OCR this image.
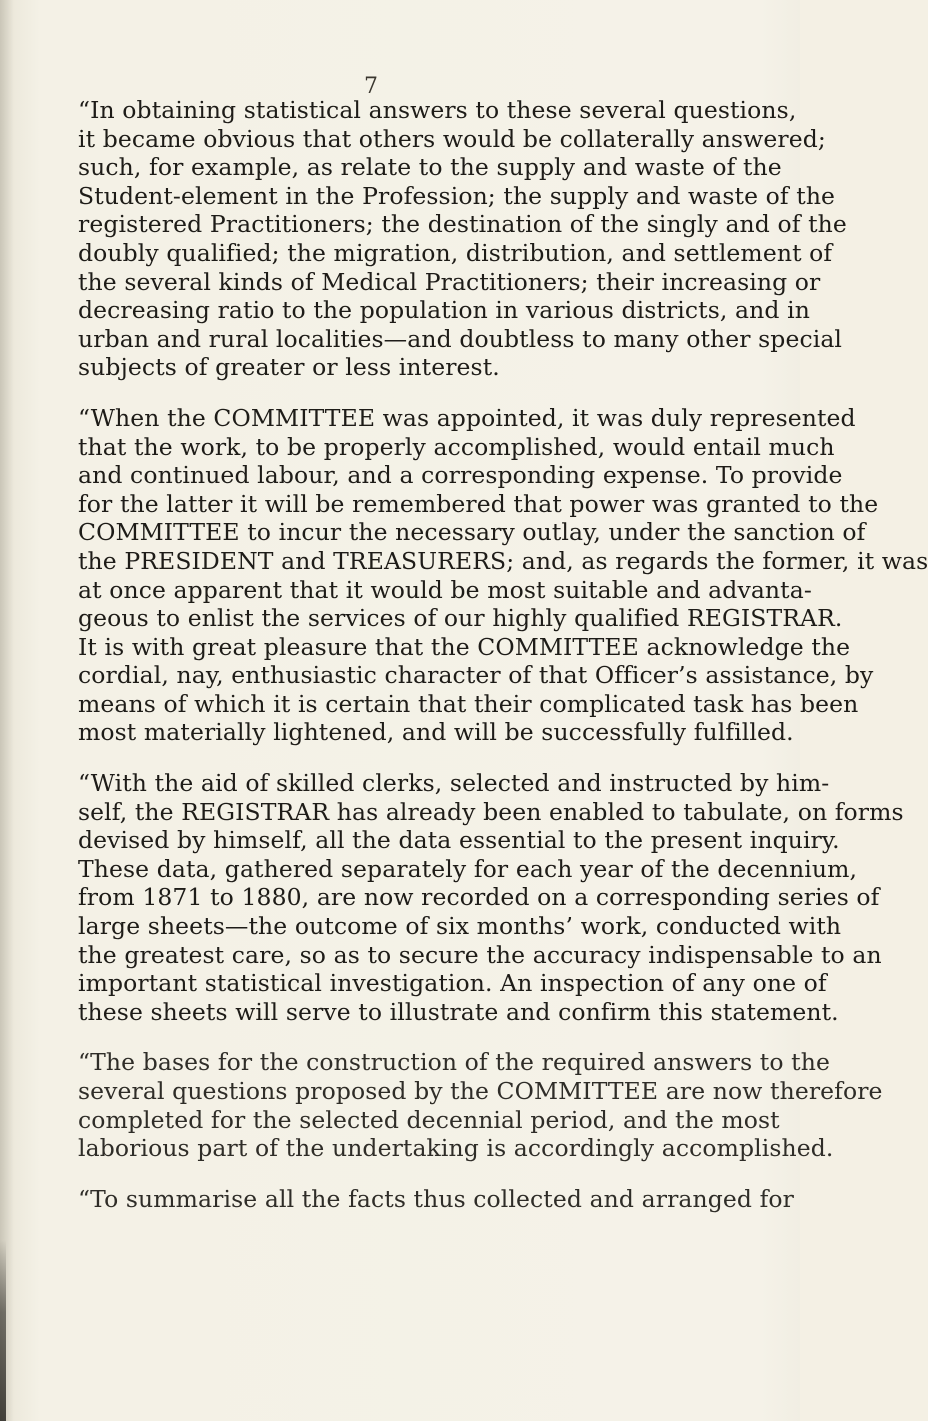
7

“In obtaining statistical answers to these several questions,
it became obvious that others would be collaterally answered;
such, for example, as relate to the supply and waste of the
Student-element in the Profession; the supply and waste of the
registered Practitioners; the destination of the singly and of the
doubly qualified; the migration, distribution, and settlement of
the several kinds of Medical Practitioners; their increasing or
decreasing ratio to the population in various districts, and in
urban and rural localities—and doubtless to many other special
subjects of greater or less interest.

“When the COMMITTEE was appointed, it was duly represented
that the work, to be properly accomplished, would entail much
and continued labour, and a corresponding expense. To provide
for the latter it will be remembered that power was granted to the
COMMITTEE to incur the necessary outlay, under the sanction of
the PRESIDENT and TREASURERS; and, as regards the former, it was
at once apparent that it would be most suitable and advanta-
geous to enlist the services of our highly qualified REGISTRAR.
It is with great pleasure that the COMMITTEE acknowledge the
cordial, nay, enthusiastic character of that Officer’s assistance, by
means of which it is certain that their complicated task has been
most materially lightened, and will be successfully fulfilled.

“With the aid of skilled clerks, selected and instructed by him-
self, the REGISTRAR has already been enabled to tabulate, on forms
devised by himself, all the data essential to the present inquiry.
These data, gathered separately for each year of the decennium,
from 1871 to 1880, are now recorded on a corresponding series of
large sheets—the outcome of six months’ work, conducted with
the greatest care, so as to secure the accuracy indispensable to an
important statistical investigation. An inspection of any one of
these sheets will serve to illustrate and confirm this statement.

“The bases for the construction of the required answers to the
several questions proposed by the COMMITTEE are now therefore
completed for the selected decennial period, and the most
laborious part of the undertaking is accordingly accomplished.

“To summarise all the facts thus collected and arranged for
